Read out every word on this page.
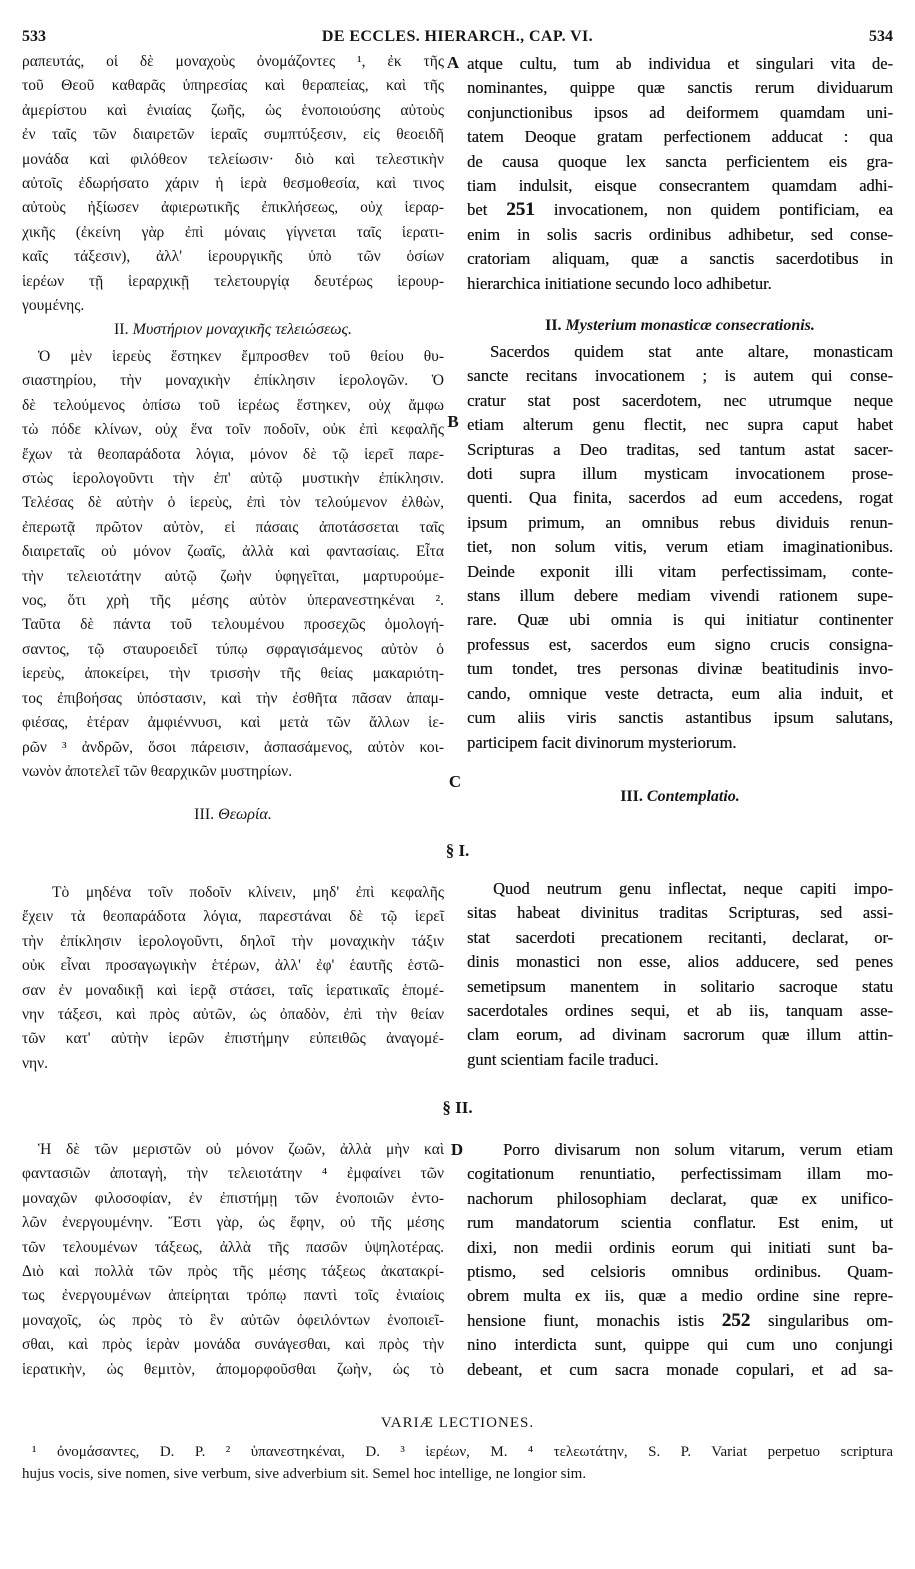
533	DE ECCLES. HIERARCH., CAP. VI.	534
ραπευτάς, οἱ δὲ μοναχοὺς ὀνομάζοντες ¹, ἐκ τῆς
τοῦ Θεοῦ καθαρᾶς ὑπηρεσίας καὶ θεραπείας, καὶ τῆς
ἀμερίστου καὶ ἑνιαίας ζωῆς, ὡς ἑνοποιούσης αὐτοὺς
ἐν ταῖς τῶν διαιρετῶν ἱεραῖς συμπτύξεσιν, εἰς θεοειδῆ
μονάδα καὶ φιλόθεον τελείωσιν· διὸ καὶ τελεστικὴν
αὐτοῖς ἐδωρήσατο χάριν ἡ ἱερὰ θεσμοθεσία, καὶ τινος
αὐτοὺς ἠξίωσεν ἀφιερωτικῆς ἐπικλήσεως, οὐχ ἱεραρ-
χικῆς (ἐκείνη γὰρ ἐπὶ μόναις γίγνεται ταῖς ἱερατι-
καῖς τάξεσιν), ἀλλ' ἱερουργικῆς ὑπὸ τῶν ὁσίων
ἱερέων τῇ ἱεραρχικῇ τελετουργίᾳ δευτέρως ἱερουρ-
γουμένης.
A atque cultu, tum ab individua et singulari vita de-
nominantes, quippe quæ sanctis rerum dividuarum
conjunctionibus ipsos ad deiformem quamdam uni-
tatem Deoque gratam perfectionem adducat : qua
de causa quoque lex sancta perficientem eis gra-
tiam indulsit, eisque consecrantem quamdam adhi-
bet 251 invocationem, non quidem pontificiam, ea
enim in solis sacris ordinibus adhibetur, sed conse-
cratoriam aliquam, quæ a sanctis sacerdotibus in
hierarchica initiatione secundo loco adhibetur.
II. Μυστήριον μοναχικῆς τελειώσεως.	II. Mysterium monasticæ consecrationis.
Ὁ μὲν ἱερεὺς ἕστηκεν ἔμπροσθεν τοῦ θείου θυ-
σιαστηρίου, τὴν μοναχικὴν ἐπίκλησιν ἱερολογῶν. Ὁ
δὲ τελούμενος ὀπίσω τοῦ ἱερέως ἕστηκεν, οὐχ ἄμφω
τὼ πόδε κλίνων, οὐχ ἕνα τοῖν ποδοῖν, οὐκ ἐπὶ κεφαλῆς
ἔχων τὰ θεοπαράδοτα λόγια, μόνον δὲ τῷ ἱερεῖ παρε-
στὼς ἱερολογοῦντι τὴν ἐπ' αὐτῷ μυστικὴν ἐπίκλησιν.
Τελέσας δὲ αὐτὴν ὁ ἱερεὺς, ἐπὶ τὸν τελούμενον ἐλθὼν,
ἐπερωτᾷ πρῶτον αὐτὸν, εἰ πάσαις ἀποτάσσεται ταῖς
διαιρεταῖς οὐ μόνον ζωαῖς, ἀλλὰ καὶ φαντασίαις. Εἶτα
τὴν τελειοτάτην αὐτῷ ζωὴν ὑφηγεῖται, μαρτυρούμε-
νος, ὅτι χρὴ τῆς μέσης αὐτὸν ὑπερανεστηκέναι ².
Ταῦτα δὲ πάντα τοῦ τελουμένου προσεχῶς ὁμολογή-
σαντος, τῷ σταυροειδεῖ τύπῳ σφραγισάμενος αὐτὸν ὁ
ἱερεὺς, ἀποκείρει, τὴν τρισσὴν τῆς θείας μακαριότη-
τος ἐπιβοήσας ὑπόστασιν, καὶ τὴν ἐσθῆτα πᾶσαν ἀπαμ-
φιέσας, ἑτέραν ἀμφιέννυσι, καὶ μετὰ τῶν ἄλλων ἱε-
ρῶν ³ ἀνδρῶν, ὅσοι πάρεισιν, ἀσπασάμενος, αὐτὸν κοι-
νωνὸν ἀποτελεῖ τῶν θεαρχικῶν μυστηρίων.
B
Sacerdos quidem stat ante altare, monasticam
sancte recitans invocationem ; is autem qui conse-
cratur stat post sacerdotem, nec utrumque neque
etiam alterum genu flectit, nec supra caput habet
Scripturas a Deo traditas, sed tantum astat sacer-
doti supra illum mysticam invocationem prose-
quenti. Qua finita, sacerdos ad eum accedens, rogat
ipsum primum, an omnibus rebus dividuis renun-
tiet, non solum vitis, verum etiam imaginationibus.
Deinde exponit illi vitam perfectissimam, conte-
stans illum debere mediam vivendi rationem supe-
rare. Quæ ubi omnia is qui initiatur continenter
professus est, sacerdos eum signo crucis consigna-
tum tondet, tres personas divinæ beatitudinis invo-
cando, omnique veste detracta, eum alia induit, et
cum aliis viris sanctis astantibus ipsum salutans,
participem facit divinorum mysteriorum.
C
III. Contemplatio.
III. Θεωρία.
§ I.
Τὸ μηδένα τοῖν ποδοῖν κλίνειν, μηδ' ἐπὶ κεφαλῆς
ἔχειν τὰ θεοπαράδοτα λόγια, παρεστάναι δὲ τῷ ἱερεῖ
τὴν ἐπίκλησιν ἱερολογοῦντι, δηλοῖ τὴν μοναχικὴν τάξιν
οὐκ εἶναι προσαγωγικὴν ἑτέρων, ἀλλ' ἐφ' ἑαυτῆς ἑστῶ-
σαν ἐν μοναδικῇ καὶ ἱερᾷ στάσει, ταῖς ἱερατικαῖς ἑπομέ-
νην τάξεσι, καὶ πρὸς αὐτῶν, ὡς ὀπαδὸν, ἐπὶ τὴν θείαν
τῶν κατ' αὐτὴν ἱερῶν ἐπιστήμην εὐπειθῶς ἀναγομέ-
νην.
Quod neutrum genu inflectat, neque capiti impo-
sitas habeat divinitus traditas Scripturas, sed assi-
stat sacerdoti precationem recitanti, declarat, or-
dinis monastici non esse, alios adducere, sed penes
semetipsum manentem in solitario sacroque statu
sacerdotales ordines sequi, et ab iis, tanquam asse-
clam eorum, ad divinam sacrorum quæ illum attin-
gunt scientiam facile traduci.
§ II.
Ἡ δὲ τῶν μεριστῶν οὐ μόνον ζωῶν, ἀλλὰ μὴν καὶ
φαντασιῶν ἀποταγὴ, τὴν τελειοτάτην ⁴ ἐμφαίνει τῶν
μοναχῶν φιλοσοφίαν, ἐν ἐπιστήμῃ τῶν ἑνοποιῶν ἐντο-
λῶν ἐνεργουμένην. Ἔστι γὰρ, ὡς ἔφην, οὐ τῆς μέσης
τῶν τελουμένων τάξεως, ἀλλὰ τῆς πασῶν ὑψηλοτέρας.
Διὸ καὶ πολλὰ τῶν πρὸς τῆς μέσης τάξεως ἀκατακρί-
τως ἐνεργουμένων ἀπείρηται τρόπῳ παντὶ τοῖς ἑνιαίοις
μοναχοῖς, ὡς πρὸς τὸ ἓν αὐτῶν ὀφειλόντων ἑνοποιεῖ-
σθαι, καὶ πρὸς ἱερὰν μονάδα συνάγεσθαι, καὶ πρὸς τὴν
ἱερατικὴν, ὡς θεμιτὸν, ἀπομορφοῦσθαι ζωὴν, ὡς τὸ
D	Porro divisarum non solum vitarum, verum etiam
cogitationum renuntiatio, perfectissimam illam mo-
nachorum philosophiam declarat, quæ ex unifico-
rum mandatorum scientia conflatur. Est enim, ut
dixi, non medii ordinis eorum qui initiati sunt ba-
ptismo, sed celsioris omnibus ordinibus. Quam-
obrem multa ex iis, quæ a medio ordine sine repre-
hensione fiunt, monachis istis 252 singularibus om-
nino interdicta sunt, quippe qui cum uno conjungi
debeant, et cum sacra monade copulari, et ad sa-
VARIÆ LECTIONES.
¹ ὀνομάσαντες, D. P. ² ὑπανεστηκέναι, D. ³ ἱερέων, M. ⁴ τελεωτάτην, S. P. Variat perpetuo scriptura
hujus vocis, sive nomen, sive verbum, sive adverbium sit. Semel hoc intellige, ne longior sim.
